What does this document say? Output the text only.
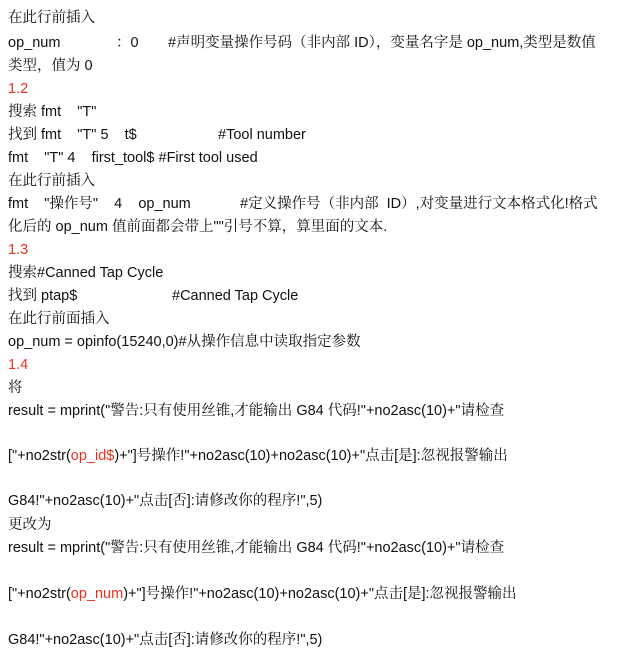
在此行前插入
op_num	：0 #声明变量操作号码（非内部 ID），变量名字是 op_num,类型是数值
类型，值为 0
1.2
搜索 fmt    "T"
找到 fmt    "T" 5    t$	#Tool number
fmt    "T" 4    first_tool$ #First tool used
在此行前插入
fmt    "操作号"    4    op_num	#定义操作号（非内部  ID）,对变量进行文本格式化!格式
化后的 op_num 值前面都会带上""引号不算，算里面的文本.
1.3
搜索#Canned Tap Cycle
找到 ptap$	#Canned Tap Cycle
在此行前面插入
op_num = opinfo(15240,0)#从操作信息中读取指定参数
1.4
将
result = mprint("警告:只有使用丝锥,才能输出 G84 代码!"+no2asc(10)+"请检查
["+no2str(op_id$)+"]号操作!"+no2asc(10)+no2asc(10)+"点击[是]:忽视报警输出
G84!"+no2asc(10)+"点击[否]:请修改你的程序!",5)
更改为
result = mprint("警告:只有使用丝锥,才能输出 G84 代码!"+no2asc(10)+"请检查
["+no2str(op_num)+"]号操作!"+no2asc(10)+no2asc(10)+"点击[是]:忽视报警输出
G84!"+no2asc(10)+"点击[否]:请修改你的程序!",5)
